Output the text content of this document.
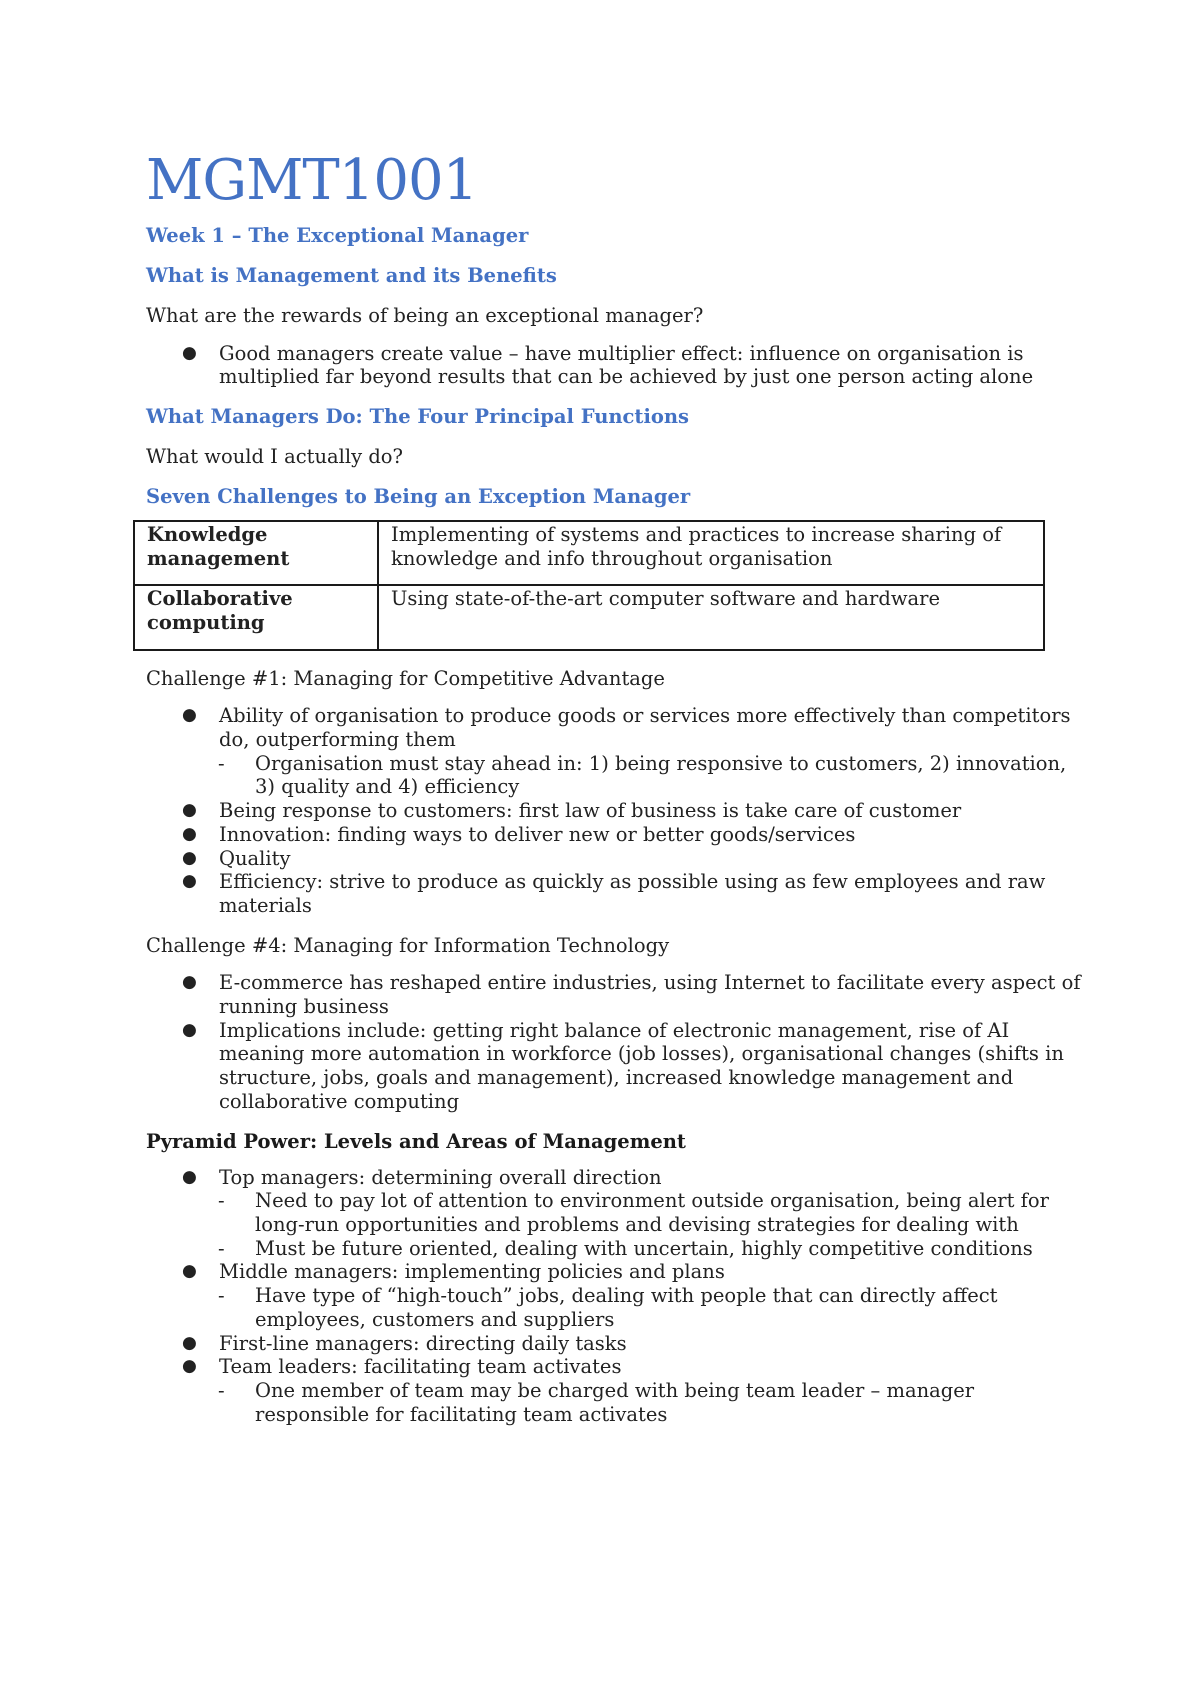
MGMT1001
Week 1 – The Exceptional Manager
What is Management and its Benefits

What are the rewards of being an exceptional manager?

● Good managers create value – have multiplier effect: influence on organisation is multiplied far beyond results that can be achieved by just one person acting alone
What Managers Do: The Four Principal Functions

What would I actually do?

Seven Challenges to Being an Exception Manager
Knowledge management	Implementing of systems and practices to increase sharing of knowledge and info throughout organisation
Collaborative computing	Using state-of-the-art computer software and hardware

Challenge #1: Managing for Competitive Advantage

● Ability of organisation to produce goods or services more effectively than competitors do, outperforming them
- Organisation must stay ahead in: 1) being responsive to customers, 2) innovation, 3) quality and 4) efficiency
● Being response to customers: first law of business is take care of customer
● Innovation: finding ways to deliver new or better goods/services
● Quality
● Efficiency: strive to produce as quickly as possible using as few employees and raw materials

Challenge #4: Managing for Information Technology

● E-commerce has reshaped entire industries, using Internet to facilitate every aspect of running business
● Implications include: getting right balance of electronic management, rise of AI meaning more automation in workforce (job losses), organisational changes (shifts in structure, jobs, goals and management), increased knowledge management and collaborative computing
Pyramid Power: Levels and Areas of Management
● Top managers: determining overall direction
- Need to pay lot of attention to environment outside organisation, being alert for long-run opportunities and problems and devising strategies for dealing with
- Must be future oriented, dealing with uncertain, highly competitive conditions
● Middle managers: implementing policies and plans
- Have type of “high-touch” jobs, dealing with people that can directly affect employees, customers and suppliers
● First-line managers: directing daily tasks
● Team leaders: facilitating team activates
- One member of team may be charged with being team leader – manager responsible for facilitating team activates
